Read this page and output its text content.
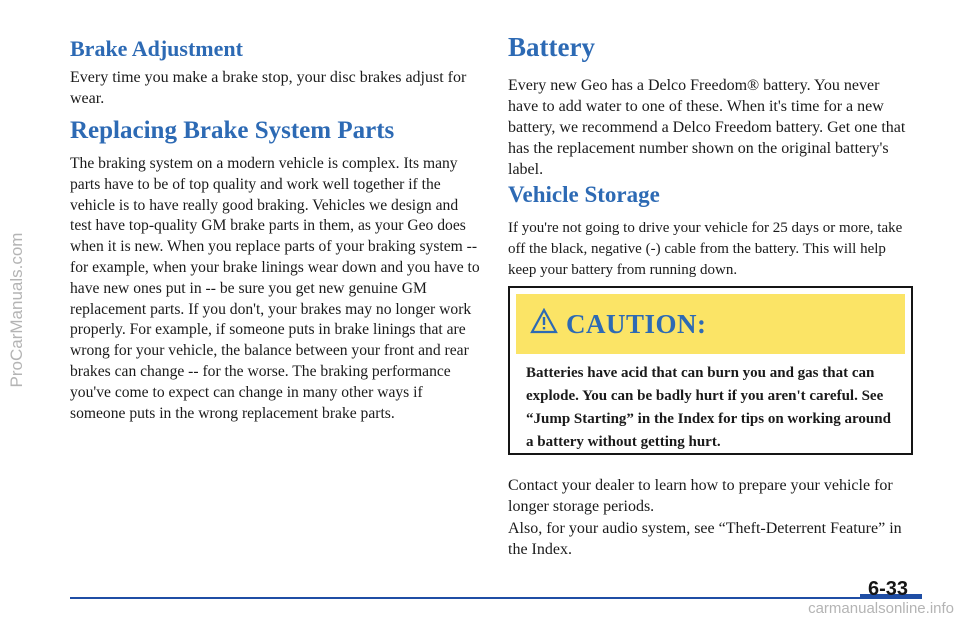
ProCarManuals.com
Brake Adjustment

Every time you make a brake stop, your disc brakes adjust for wear.

Replacing Brake System Parts

The braking system on a modern vehicle is complex. Its many parts have to be of top quality and work well together if the vehicle is to have really good braking. Vehicles we design and test have top-quality GM brake parts in them, as your Geo does when it is new. When you replace parts of your braking system -- for example, when your brake linings wear down and you have to have new ones put in -- be sure you get new genuine GM replacement parts. If you don't, your brakes may no longer work properly. For example, if someone puts in brake linings that are wrong for your vehicle, the balance between your front and rear brakes can change -- for the worse. The braking performance you've come to expect can change in many other ways if someone puts in the wrong replacement brake parts.

Battery

Every new Geo has a Delco Freedom® battery. You never have to add water to one of these. When it's time for a new battery, we recommend a Delco Freedom battery. Get one that has the replacement number shown on the original battery's label.

Vehicle Storage

If you're not going to drive your vehicle for 25 days or more, take off the black, negative (-) cable from the battery. This will help keep your battery from running down.

CAUTION:
Batteries have acid that can burn you and gas that can explode. You can be badly hurt if you aren't careful. See “Jump Starting” in the Index for tips on working around a battery without getting hurt.

Contact your dealer to learn how to prepare your vehicle for longer storage periods.

Also, for your audio system, see “Theft-Deterrent Feature” in the Index.

6-33
carmanualsonline.info
